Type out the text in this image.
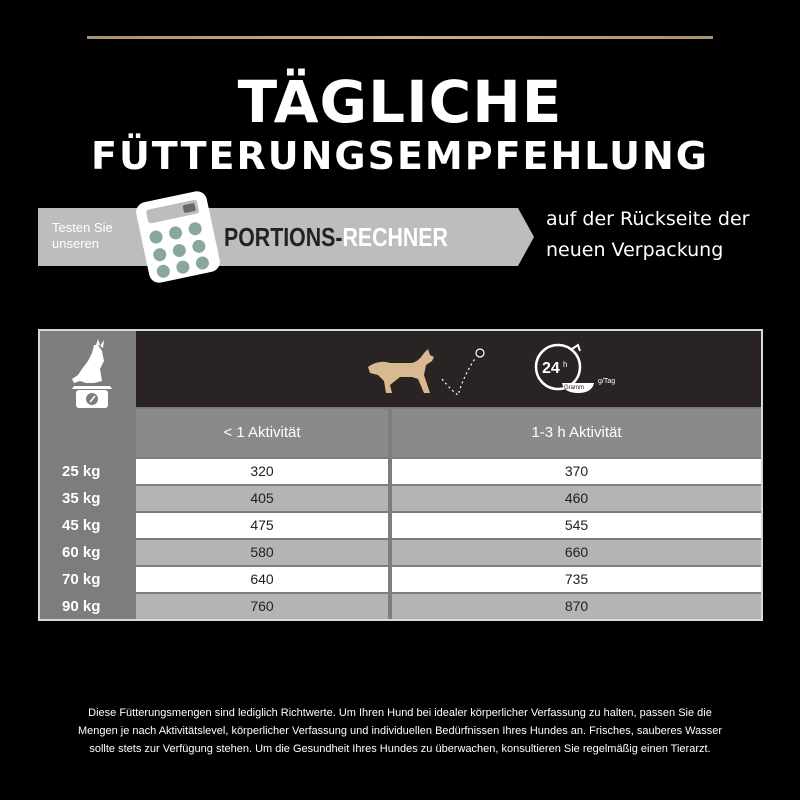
TÄGLICHE
FÜTTERUNGSEMPFEHLUNG
Testen Sie
unseren	PORTIONS-RECHNER
auf der Rückseite der
neuen Verpackung
24 h
Gramm
g/Tag
< 1 Aktivität	1-3 h Aktivität
25 kg	320	370
35 kg	405	460
45 kg	475	545
60 kg	580	660
70 kg	640	735
90 kg	760	870
Diese Fütterungsmengen sind lediglich Richtwerte. Um Ihren Hund bei idealer körperlicher Verfassung zu halten, passen Sie die
Mengen je nach Aktivitätslevel, körperlicher Verfassung und individuellen Bedürfnissen Ihres Hundes an. Frisches, sauberes Wasser
sollte stets zur Verfügung stehen. Um die Gesundheit Ihres Hundes zu überwachen, konsultieren Sie regelmäßig einen Tierarzt.
